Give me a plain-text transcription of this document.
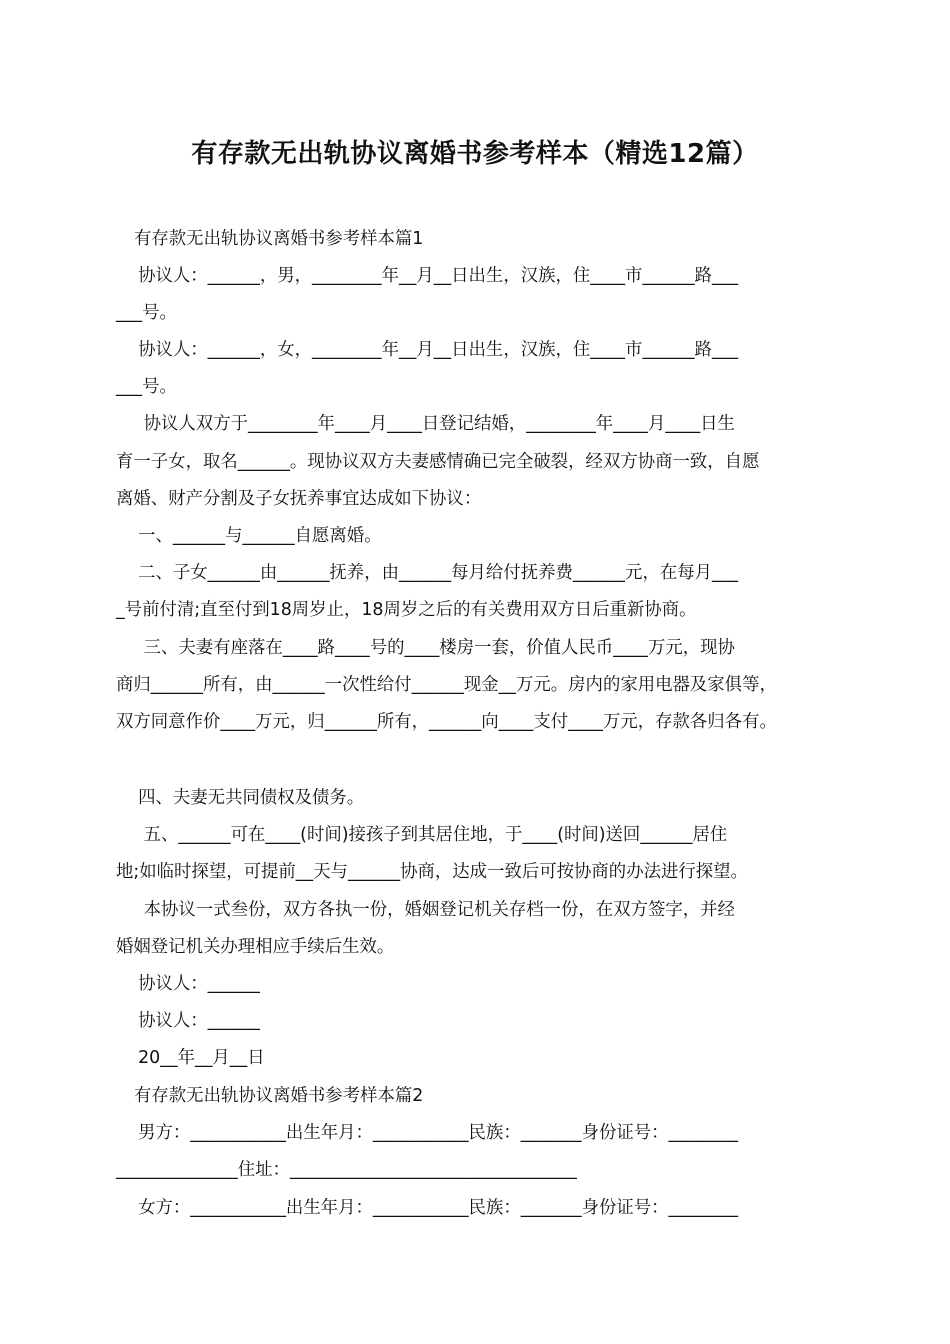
有存款无出轨协议离婚书参考样本（精选12篇）
有存款无出轨协议离婚书参考样本篇1
协议人：______，男，________年__月__日出生，汉族，住____市______路___
___号。
协议人：______，女，________年__月__日出生，汉族，住____市______路___
___号。
协议人双方于________年____月____日登记结婚，________年____月____日生
育一子女，取名______。现协议双方夫妻感情确已完全破裂，经双方协商一致，自愿
离婚、财产分割及子女抚养事宜达成如下协议：
一、______与______自愿离婚。
二、子女______由______抚养，由______每月给付抚养费______元，在每月___
_号前付清;直至付到18周岁止，18周岁之后的有关费用双方日后重新协商。
三、夫妻有座落在____路____号的____楼房一套，价值人民币____万元，现协
商归______所有，由______一次性给付______现金__万元。房内的家用电器及家俱等，
双方同意作价____万元，归______所有，______向____支付____万元，存款各归各有。
四、夫妻无共同债权及债务。
五、______可在____(时间)接孩子到其居住地，于____(时间)送回______居住
地;如临时探望，可提前__天与______协商，达成一致后可按协商的办法进行探望。
本协议一式叁份，双方各执一份，婚姻登记机关存档一份，在双方签字，并经
婚姻登记机关办理相应手续后生效。
协议人：______
协议人：______
20__年__月__日
有存款无出轨协议离婚书参考样本篇2
男方：___________出生年月：___________民族：_______身份证号：________
______________住址：_________________________________
女方：___________出生年月：___________民族：_______身份证号：________
